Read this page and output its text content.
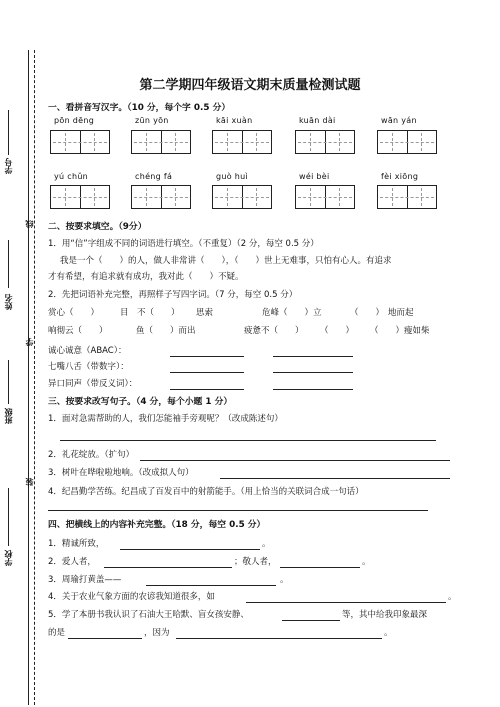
学号
线
姓名
学
班级
装
学校
第二学期四年级语文期末质量检测试题
一、看拼音写汉字。（10 分，每个字 0.5 分）
pōn dēng	zūn yōn	kāi xuàn	kuān dài	wān yán
yú chǔn	chéng fá	guò huì	wéi bèi	fèi xiōng
二、按要求填空。（9分）
1．用“信”字组成不同的词语进行填空。（不重复）（2 分，每空 0.5 分）
我是一个（　　）的人，做人非常讲（　　），（　　）世上无难事，只怕有心人。有追求
才有希望，有追求就有成功，我对此（　　）不疑。
2．先把词语补充完整，再照样子写四字词。（7 分，每空 0.5 分）
赏心（　　） 目　不（　　） 思索	危峰（　　）立	（　　） 地而起
响彻云（　　）	鱼（　　）而出	疲惫不（　　） （　　） （　　）瘦如柴
诚心诚意（ABAC）：
七嘴八舌（带数字）：
异口同声（带反义词）：
三、按要求改写句子。（4 分，每个小题 1 分）
1．面对急需帮助的人，我们怎能袖手旁观呢？（改成陈述句）
2．礼花绽放。（扩句）
3．树叶在哗啦啦地响。（改成拟人句）
4．纪昌勤学苦练。纪昌成了百发百中的射箭能手。（用上恰当的关联词合成一句话）
四、把横线上的内容补充完整。（18 分，每空 0.5 分）
1．精诚所致，	。
2．爱人者，	；敬人者，	。
3．周瑜打黄盖——	。
4．关于农业气象方面的农谚我知道很多，如	。
5．学了本册书我认识了石油大王哈默、盲女孩安静、	等，其中给我印象最深
的是	，因为	。
